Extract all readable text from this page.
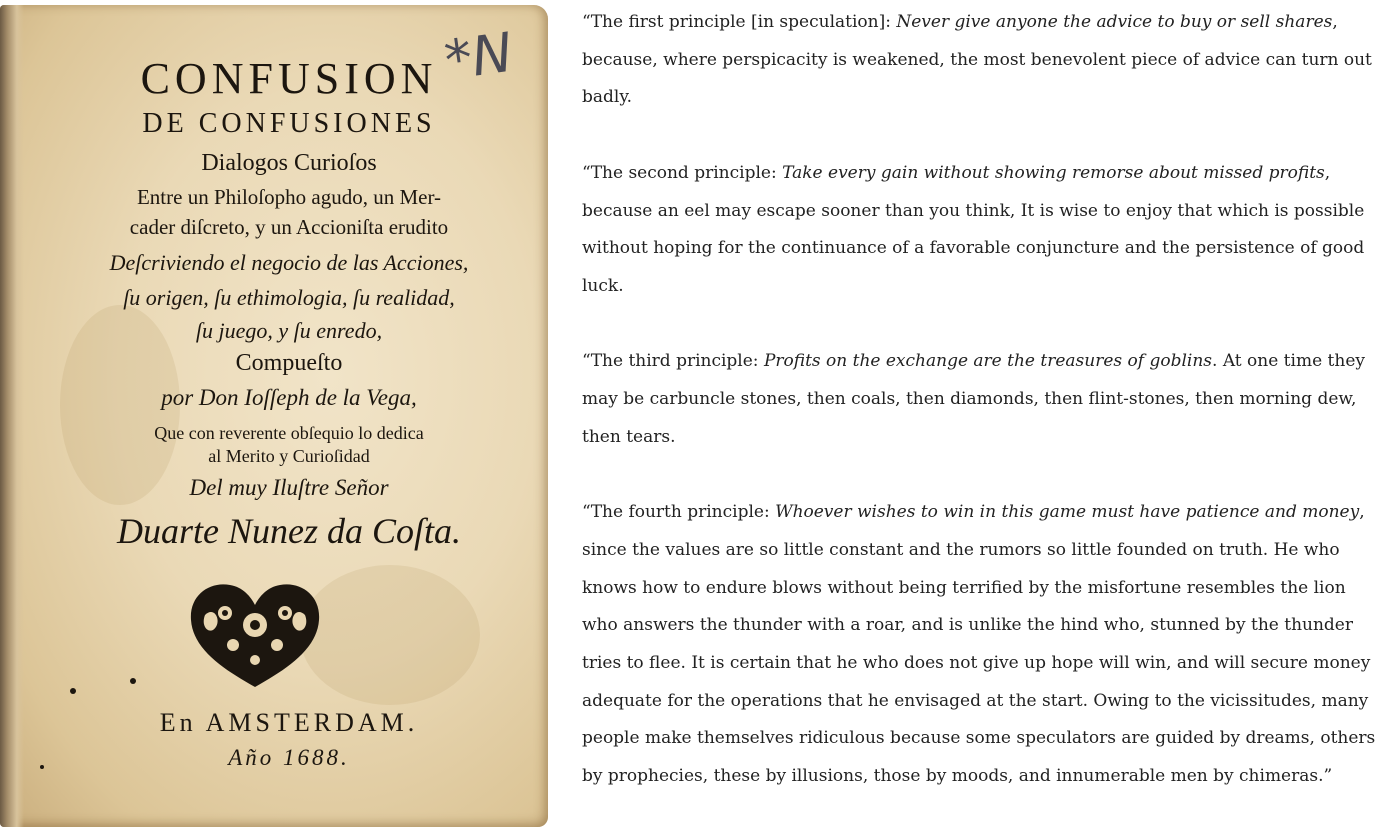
CONFUSION
DE CONFUSIONES
Dialogos Curioſos
Entre un Philoſopho agudo, un Mer-
cader diſcreto, y un Accioniſta erudito
Deſcriviendo el negocio de las Acciones,
ſu origen, ſu ethimologia, ſu realidad,
ſu juego, y ſu enredo,
Compueſto
por Don Ioſſeph de la Vega,
Que con reverente obſequio lo dedica
al Merito y Curioſidad
Del muy Iluſtre Señor
Duarte Nunez da Coſta.
En AMSTERDAM.
Año 1688.
*N	“The first principle [in speculation]: Never give anyone the advice to buy or sell shares, because, where perspicacity is weakened, the most benevolent piece of advice can turn out badly.

“The second principle: Take every gain without showing remorse about missed profits, because an eel may escape sooner than you think, It is wise to enjoy that which is possible without hoping for the continuance of a favorable conjuncture and the persistence of good luck.

“The third principle: Profits on the exchange are the treasures of goblins. At one time they may be carbuncle stones, then coals, then diamonds, then flint-stones, then morning dew, then tears.

“The fourth principle: Whoever wishes to win in this game must have patience and money, since the values are so little constant and the rumors so little founded on truth. He who knows how to endure blows without being terrified by the misfortune resembles the lion who answers the thunder with a roar, and is unlike the hind who, stunned by the thunder tries to flee. It is certain that he who does not give up hope will win, and will secure money adequate for the operations that he envisaged at the start. Owing to the vicissitudes, many people make themselves ridiculous because some speculators are guided by dreams, others by prophecies, these by illusions, those by moods, and innumerable men by chimeras.”
